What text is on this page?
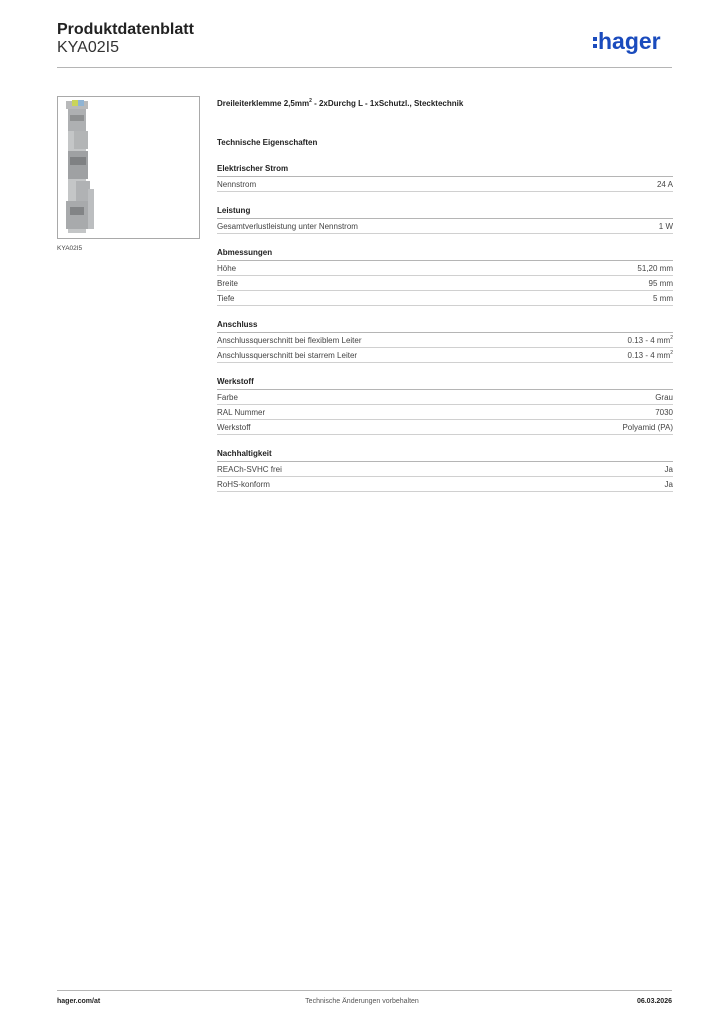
Produktdatenblatt
KYA02I5	hager
KYA02I5

Dreileiterklemme $2,5mm^2$ - 2xDurchg L - 1xSchutzl., Stecktechnik

Technische Eigenschaften
Elektrischer Strom
Nennstrom	24 A
Leistung
Gesamtverlustleistung unter Nennstrom	1 W
Abmessungen
Höhe	51,20 mm
Breite	95 mm
Tiefe	5 mm
Anschluss
Anschlussquerschnitt bei flexiblem Leiter	0.13 - 4 $mm^2$
Anschlussquerschnitt bei starrem Leiter	0.13 - 4 $mm^2$
Werkstoff
Farbe	Grau
RAL Nummer	7030
Werkstoff	Polyamid (PA)
Nachhaltigkeit
REACh-SVHC frei	Ja
RoHS-konform	Ja
hager.com/at	Technische Änderungen vorbehalten	06.03.2026
